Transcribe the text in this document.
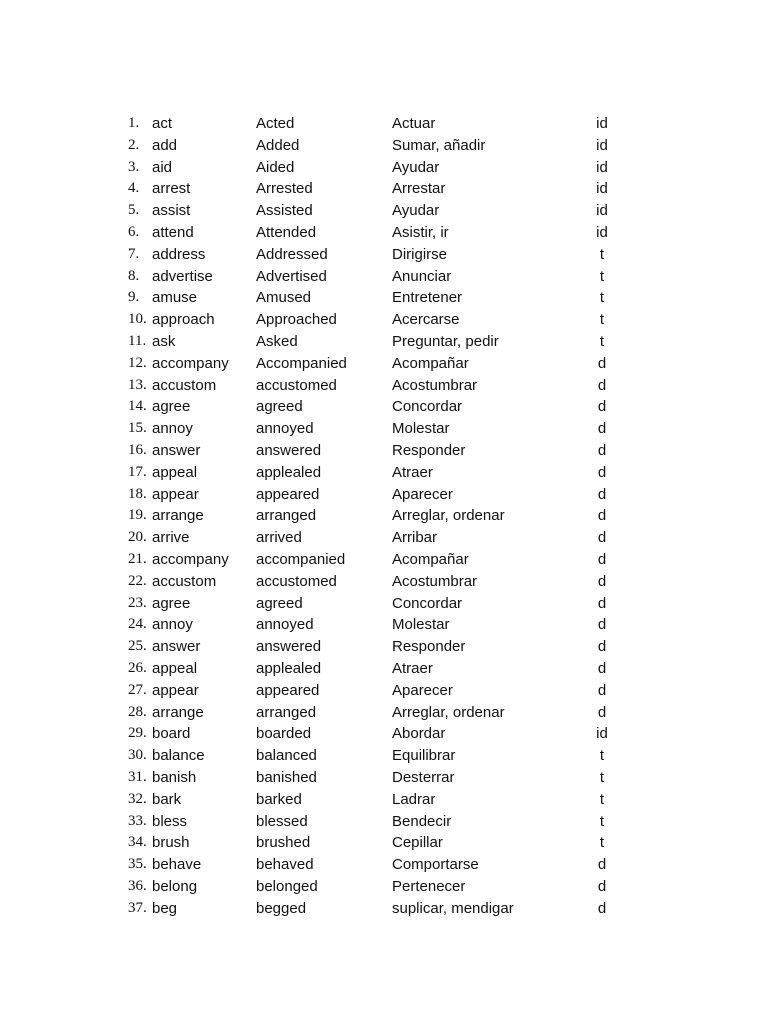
1. act	Acted	Actuar	id
2. add	Added	Sumar, añadir	id
3. aid	Aided	Ayudar	id
4. arrest	Arrested	Arrestar	id
5. assist	Assisted	Ayudar	id
6. attend	Attended	Asistir, ir	id
7. address	Addressed	Dirigirse	t
8. advertise	Advertised	Anunciar	t
9. amuse	Amused	Entretener	t
10. approach	Approached	Acercarse	t
11. ask	Asked	Preguntar, pedir	t
12. accompany Accompanied	Acompañar	d
13. accustom	accustomed	Acostumbrar	d
14. agree	agreed	Concordar	d
15. annoy	annoyed	Molestar	d
16. answer	answered	Responder	d
17. appeal	applealed	Atraer	d
18. appear	appeared	Aparecer	d
19. arrange	arranged	Arreglar, ordenar	d
20. arrive	arrived	Arribar	d
21. accompany accompanied	Acompañar	d
22. accustom	accustomed	Acostumbrar	d
23. agree	agreed	Concordar	d
24. annoy	annoyed	Molestar	d
25. answer	answered	Responder	d
26. appeal	applealed	Atraer	d
27. appear	appeared	Aparecer	d
28. arrange	arranged	Arreglar, ordenar	d
29. board	boarded	Abordar	id
30. balance	balanced	Equilibrar	t
31. banish	banished	Desterrar	t
32. bark	barked	Ladrar	t
33. bless	blessed	Bendecir	t
34. brush	brushed	Cepillar	t
35. behave	behaved	Comportarse	d
36. belong	belonged	Pertenecer	d
37. beg	begged	suplicar, mendigar	d
